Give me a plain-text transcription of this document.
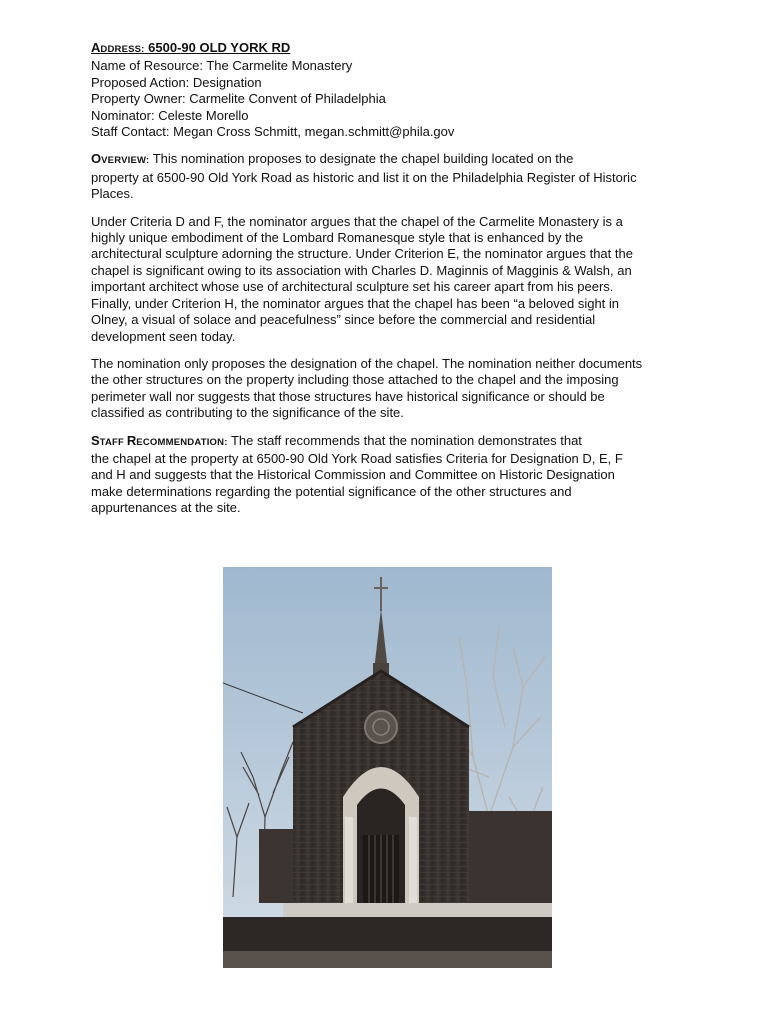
ADDRESS: 6500-90 OLD YORK RD
Name of Resource: The Carmelite Monastery
Proposed Action: Designation
Property Owner: Carmelite Convent of Philadelphia
Nominator: Celeste Morello
Staff Contact: Megan Cross Schmitt, megan.schmitt@phila.gov
OVERVIEW: This nomination proposes to designate the chapel building located on the
property at 6500-90 Old York Road as historic and list it on the Philadelphia Register of Historic
Places.
Under Criteria D and F, the nominator argues that the chapel of the Carmelite Monastery is a
highly unique embodiment of the Lombard Romanesque style that is enhanced by the
architectural sculpture adorning the structure. Under Criterion E, the nominator argues that the
chapel is significant owing to its association with Charles D. Maginnis of Magginis & Walsh, an
important architect whose use of architectural sculpture set his career apart from his peers.
Finally, under Criterion H, the nominator argues that the chapel has been “a beloved sight in
Olney, a visual of solace and peacefulness” since before the commercial and residential
development seen today.
The nomination only proposes the designation of the chapel. The nomination neither documents
the other structures on the property including those attached to the chapel and the imposing
perimeter wall nor suggests that those structures have historical significance or should be
classified as contributing to the significance of the site.
STAFF RECOMMENDATION: The staff recommends that the nomination demonstrates that
the chapel at the property at 6500-90 Old York Road satisfies Criteria for Designation D, E, F
and H and suggests that the Historical Commission and Committee on Historic Designation
make determinations regarding the potential significance of the other structures and
appurtenances at the site.
